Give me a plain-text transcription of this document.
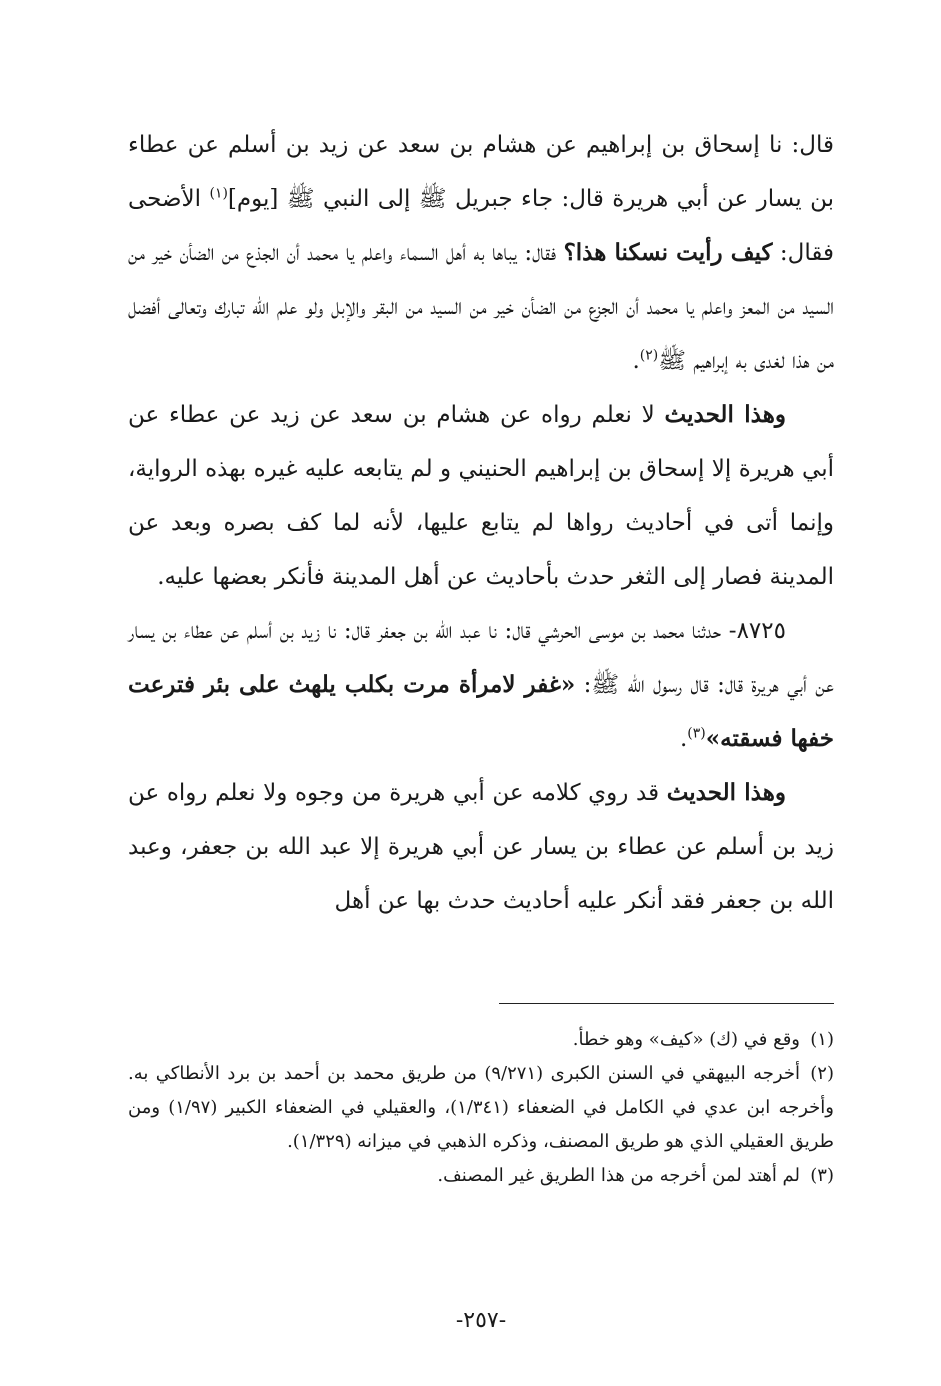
قال: نا إسحاق بن إبراهيم عن هشام بن سعد عن زيد بن أسلم عن عطاء بن يسار عن أبي هريرة قال: جاء جبريل ﷺ إلى النبي ﷺ [يوم]$^{(١)}$ الأضحى فقال: كيف رأيت نسكنا هذا؟ فقال: يباها به أهل السماء واعلم يا محمد أن الجذع من الضأن خير من السيد من المعز واعلم يا محمد أن الجزع من الضأن خير من السيد من البقر والإبل ولو علم الله تبارك وتعالى أفضل من هذا لغدى به إبراهيم ﷺ$^{(٢)}$.

وهذا الحديث لا نعلم رواه عن هشام بن سعد عن زيد عن عطاء عن أبي هريرة إلا إسحاق بن إبراهيم الحنيني و لم يتابعه عليه غيره بهذه الرواية، وإنما أتى في أحاديث رواها لم يتابع عليها، لأنه لما كف بصره وبعد عن المدينة فصار إلى الثغر حدث بأحاديث عن أهل المدينة فأنكر بعضها عليه.

٨٧٢٥- حدثنا محمد بن موسى الحرشي قال: نا عبد الله بن جعفر قال: نا زيد بن أسلم عن عطاء بن يسار عن أبي هريرة قال: قال رسول الله ﷺ: «غفر لامرأة مرت بكلب يلهث على بئر فترعت خفها فسقته»$^{(٣)}$.

وهذا الحديث قد روي كلامه عن أبي هريرة من وجوه ولا نعلم رواه عن زيد بن أسلم عن عطاء بن يسار عن أبي هريرة إلا عبد الله بن جعفر، وعبد الله بن جعفر فقد أنكر عليه أحاديث حدث بها عن أهل

(١)وقع في (ك) «كيف» وهو خطأ.

(٢)أخرجه البيهقي في السنن الكبرى (٩/٢٧١) من طريق محمد بن أحمد بن برد الأنطاكي به. وأخرجه ابن عدي في الكامل في الضعفاء (١/٣٤١)، والعقيلي في الضعفاء الكبير (١/٩٧) ومن طريق العقيلي الذي هو طريق المصنف، وذكره الذهبي في ميزانه (١/٣٢٩).

(٣)لم أهتد لمن أخرجه من هذا الطريق غير المصنف.

-٢٥٧-
